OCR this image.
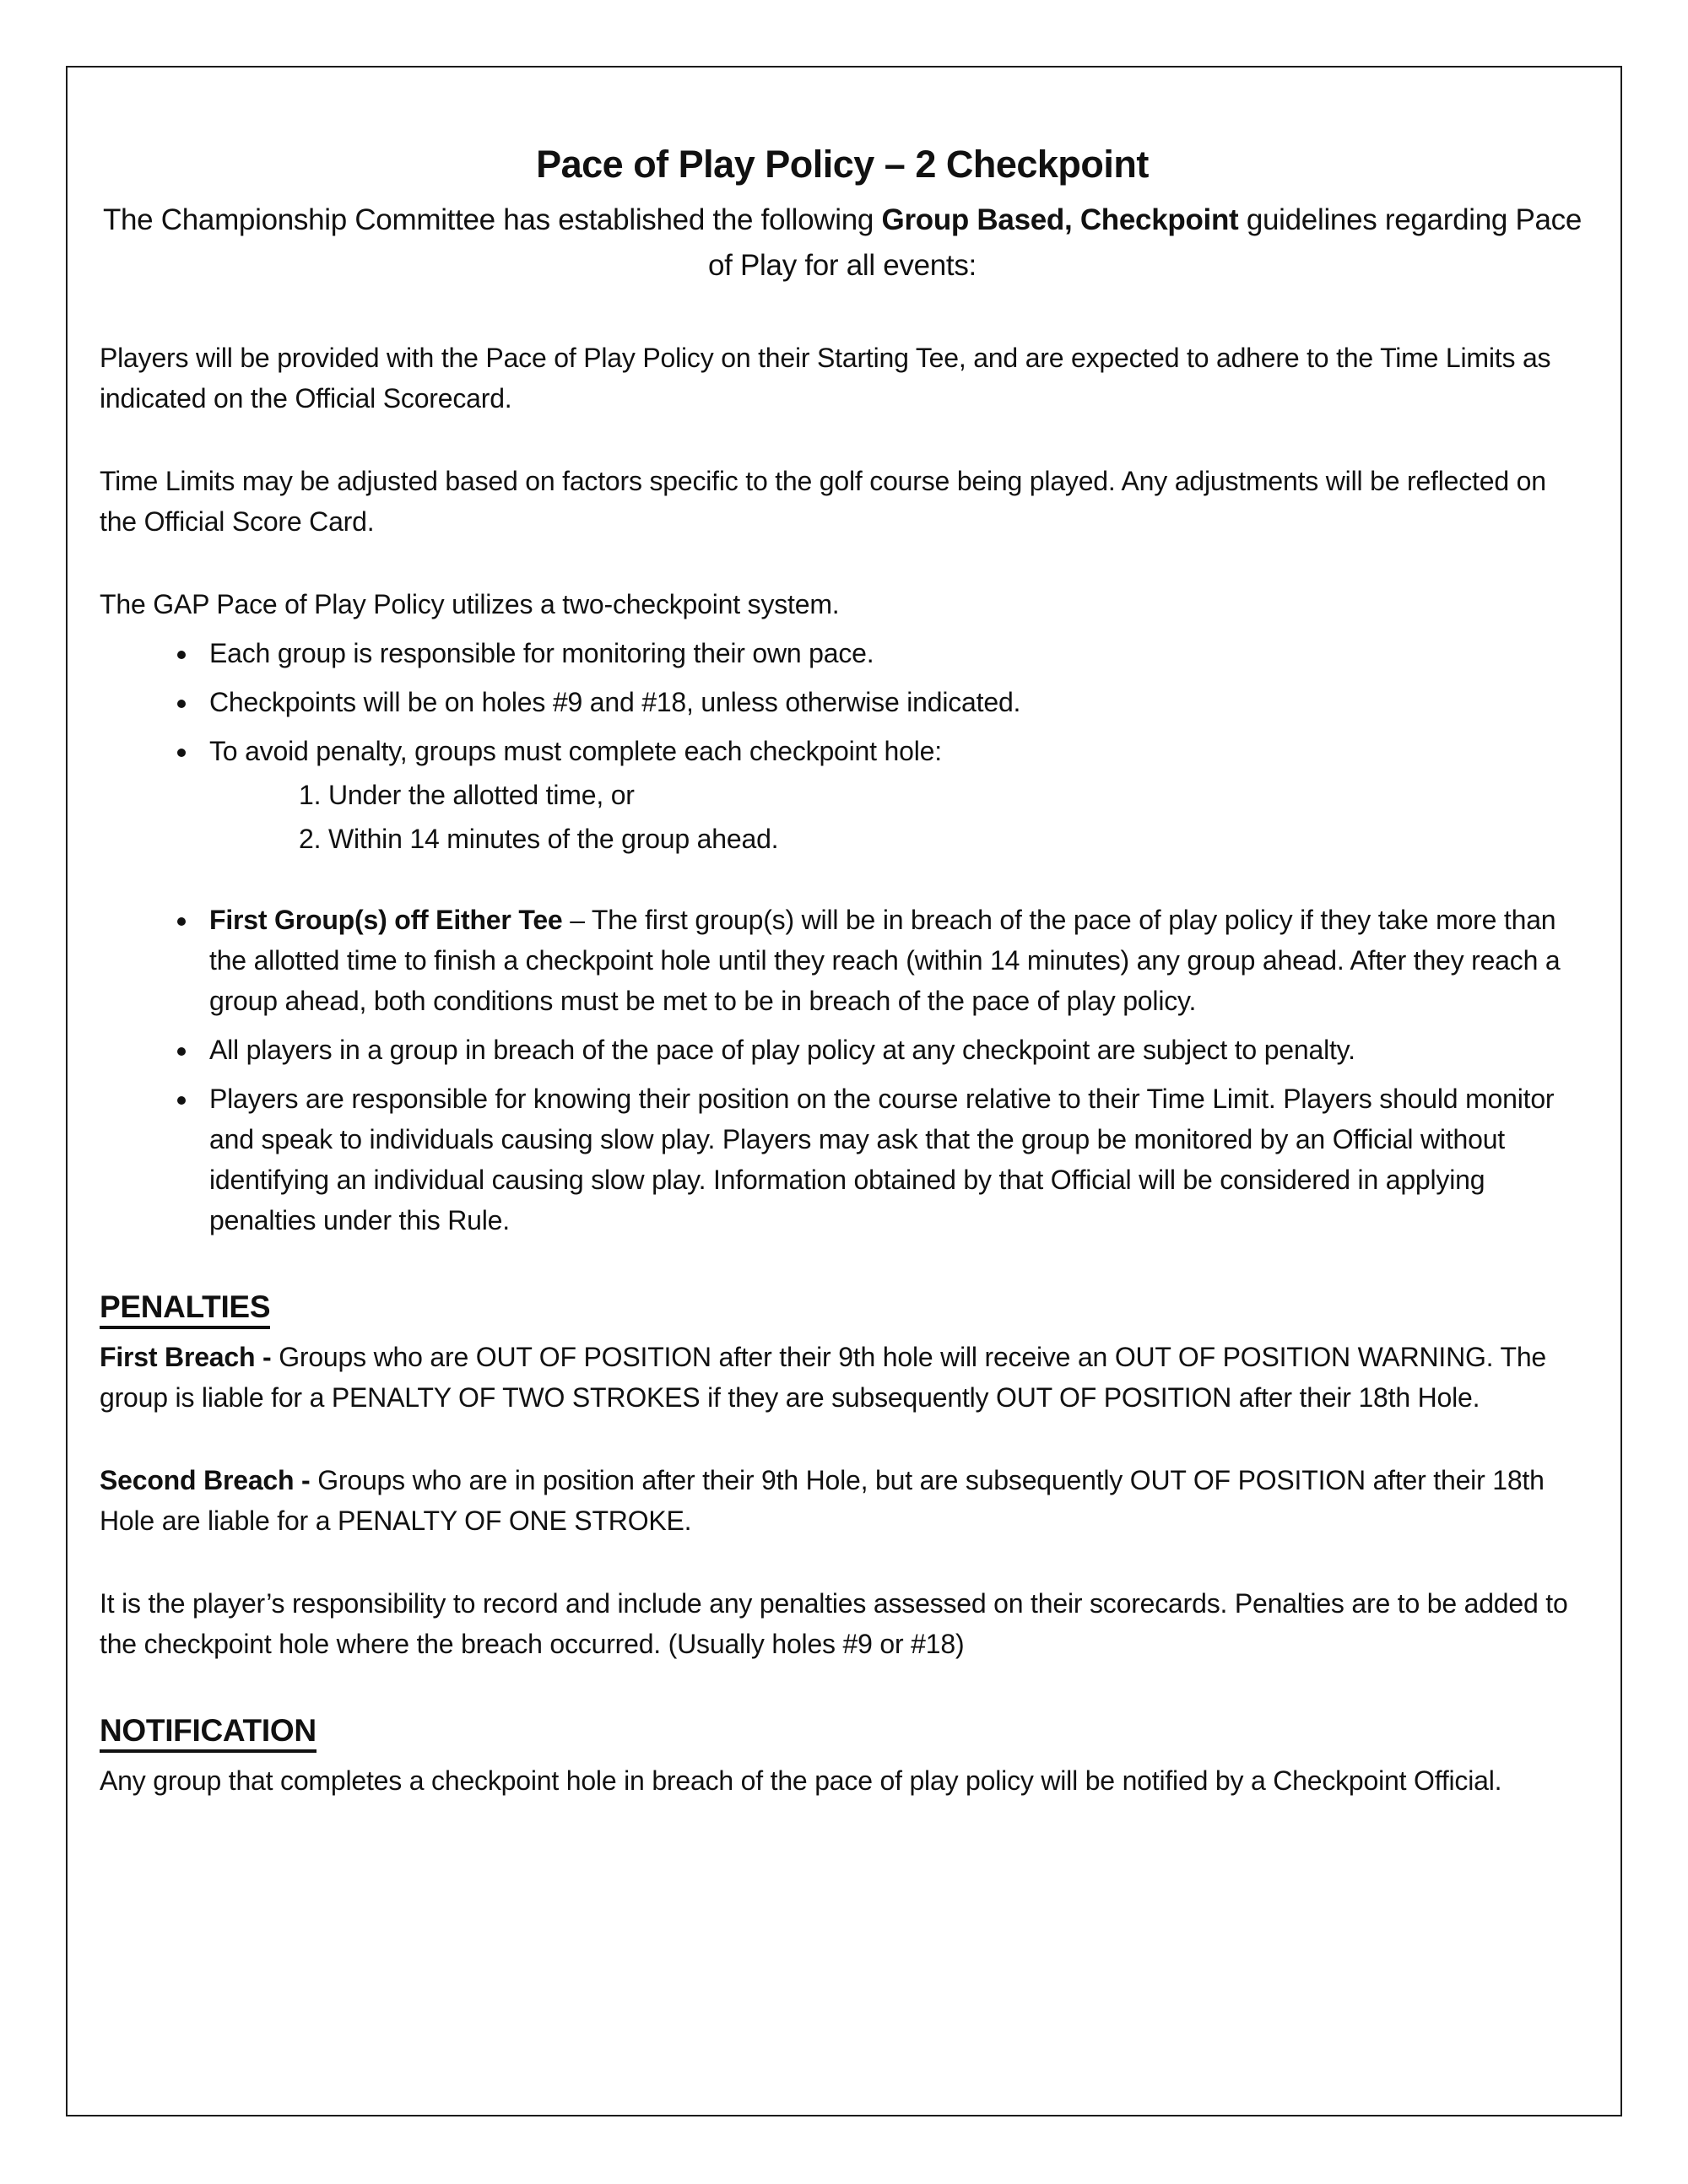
Pace of Play Policy – 2 Checkpoint

The Championship Committee has established the following Group Based, Checkpoint guidelines regarding Pace of Play for all events:

Players will be provided with the Pace of Play Policy on their Starting Tee, and are expected to adhere to the Time Limits as indicated on the Official Scorecard.

Time Limits may be adjusted based on factors specific to the golf course being played. Any adjustments will be reflected on the Official Score Card.

The GAP Pace of Play Policy utilizes a two-checkpoint system.

• Each group is responsible for monitoring their own pace.
• Checkpoints will be on holes #9 and #18, unless otherwise indicated.
• To avoid penalty, groups must complete each checkpoint hole:
1. Under the allotted time, or
2. Within 14 minutes of the group ahead.
• First Group(s) off Either Tee – The first group(s) will be in breach of the pace of play policy if they take more than the allotted time to finish a checkpoint hole until they reach (within 14 minutes) any group ahead. After they reach a group ahead, both conditions must be met to be in breach of the pace of play policy.
• All players in a group in breach of the pace of play policy at any checkpoint are subject to penalty.
• Players are responsible for knowing their position on the course relative to their Time Limit. Players should monitor and speak to individuals causing slow play. Players may ask that the group be monitored by an Official without identifying an individual causing slow play. Information obtained by that Official will be considered in applying penalties under this Rule.
PENALTIES

First Breach - Groups who are OUT OF POSITION after their 9th hole will receive an OUT OF POSITION WARNING. The group is liable for a PENALTY OF TWO STROKES if they are subsequently OUT OF POSITION after their 18th Hole.

Second Breach - Groups who are in position after their 9th Hole, but are subsequently OUT OF POSITION after their 18th Hole are liable for a PENALTY OF ONE STROKE.

It is the player’s responsibility to record and include any penalties assessed on their scorecards. Penalties are to be added to the checkpoint hole where the breach occurred. (Usually holes #9 or #18)

NOTIFICATION

Any group that completes a checkpoint hole in breach of the pace of play policy will be notified by a Checkpoint Official.
